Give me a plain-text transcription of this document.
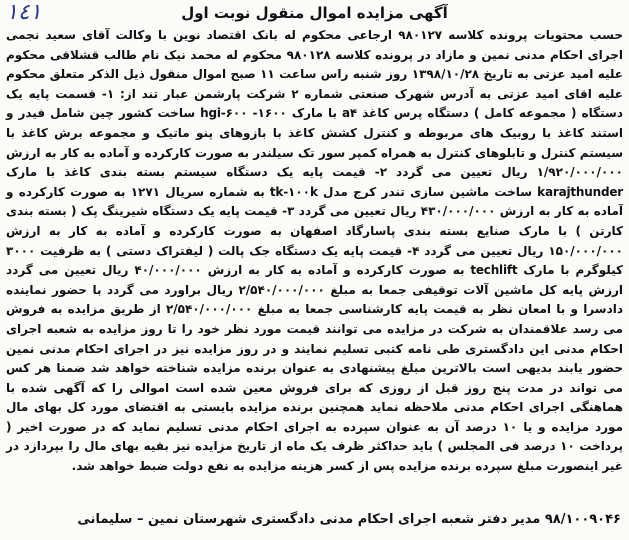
١٤١	آگهی مزایده اموال منقول نوبت اول

حسب محتویات پرونده کلاسه ۹۸۰۱۲۷ ارجاعی محکوم له بانک اقتصاد نوین با وکالت آقای سعید نجمی اجرای احکام مدنی نمین و مازاد در پرونده کلاسه ۹۸۰۱۲۸ محکوم له محمد نیک نام طالب قشلاقی محکوم علیه امید عزتی به تاریخ ۱۳۹۸/۱۰/۲۸ روز شنبه راس ساعت ۱۱ صبح اموال منقول ذیل الذکر متعلق محکوم علیه اقای امید عزتی به آدرس شهرک صنعتی شماره ۲ شرکت پارشمن عبار تند از: ۱- قسمت پایه یک دستگاه ( مجموعه کامل ) دستگاه پرس کاغذ a۴ با مارک hgi-۶۰۰ -۱۶۰۰ ساخت کشور چین شامل فیدر و استند کاغذ با روبیک های مربوطه و کنترل کشش کاغذ با بازوهای پنو ماتیک و مجموعه برش کاغذ با سیستم کنترل و تابلوهای کنترل به همراه کمپر سور تک سیلندر به صورت کارکرده و آماده به کار به ارزش ۱/۹۲۰/۰۰۰/۰۰۰ ریال تعیین می گردد ۲- قیمت پایه یک دستگاه سیستم بسته بندی کاغذ با مارک karajthunder ساخت ماشین سازی تندر کرج مدل tk-۱۰۰k به شماره سریال ۱۲۷۱ به صورت کارکرده و آماده به کار به ارزش ۴۳۰/۰۰۰/۰۰۰ ریال تعیین می گردد ۳- قیمت پایه یک دستگاه شیرینگ پک ( بسته بندی کارتن ) با مارک صنایع بسته بندی پاسارگاد اصفهان به صورت کارکرده و آماده به کار به ارزش ۱۵۰/۰۰۰/۰۰۰ ریال تعیین می گردد ۴- قیمت پایه یک دستگاه جک پالت ( لیفتراک دستی ) به ظرفیت ۳۰۰۰ کیلوگرم با مارک techlift به صورت کارکرده و آماده به کار به ارزش ۴۰/۰۰۰/۰۰۰ ریال تعیین می گردد ارزش پایه کل ماشین آلات توقیفی جمعا به مبلغ ۲/۵۴۰/۰۰۰/۰۰۰ ریال براورد می گردد با حضور نماینده دادسرا و با امعان نظر به قیمت پایه کارشناسی جمعا به مبلغ ۲/۵۴۰/۰۰۰/۰۰۰ از طریق مزایده به فروش می رسد علاقمندان به شرکت در مزایده می توانند قیمت مورد نظر خود را تا روز مزایده به شعبه اجرای احکام مدنی این دادگستری طی نامه کتبی تسلیم نمایند و در روز مزایده نیز در اجرای احکام مدنی نمین حضور یابند بدیهی است بالاترین مبلغ پیشنهادی به عنوان برنده مزایده شناخته خواهد شد ضمنا هر کس می تواند در مدت پنج روز قبل از روزی که برای فروش معین شده است اموالی را که آگهی شده با هماهنگی اجرای احکام مدنی ملاحظه نماید همچنین برنده مزایده بایستی به اقتضای مورد کل بهای مال مورد مزایده و یا ۱۰ درصد آن به عنوان سپرده به اجرای احکام مدنی تسلیم نماید که در صورت اخیر ( پرداخت ۱۰ درصد فی المجلس ) باید حداکثر ظرف یک ماه از تاریخ مزایده نیز بقیه بهای مال را بپردازد در غیر اینصورت مبلغ سپرده برنده مزایده پس از کسر هزینه مزایده به نفع دولت ضبط خواهد شد.

۹۸/۱۰۰۹۰۴۶ مدیر دفتر شعبه اجرای احکام مدنی دادگستری شهرستان نمین – سلیمانی
